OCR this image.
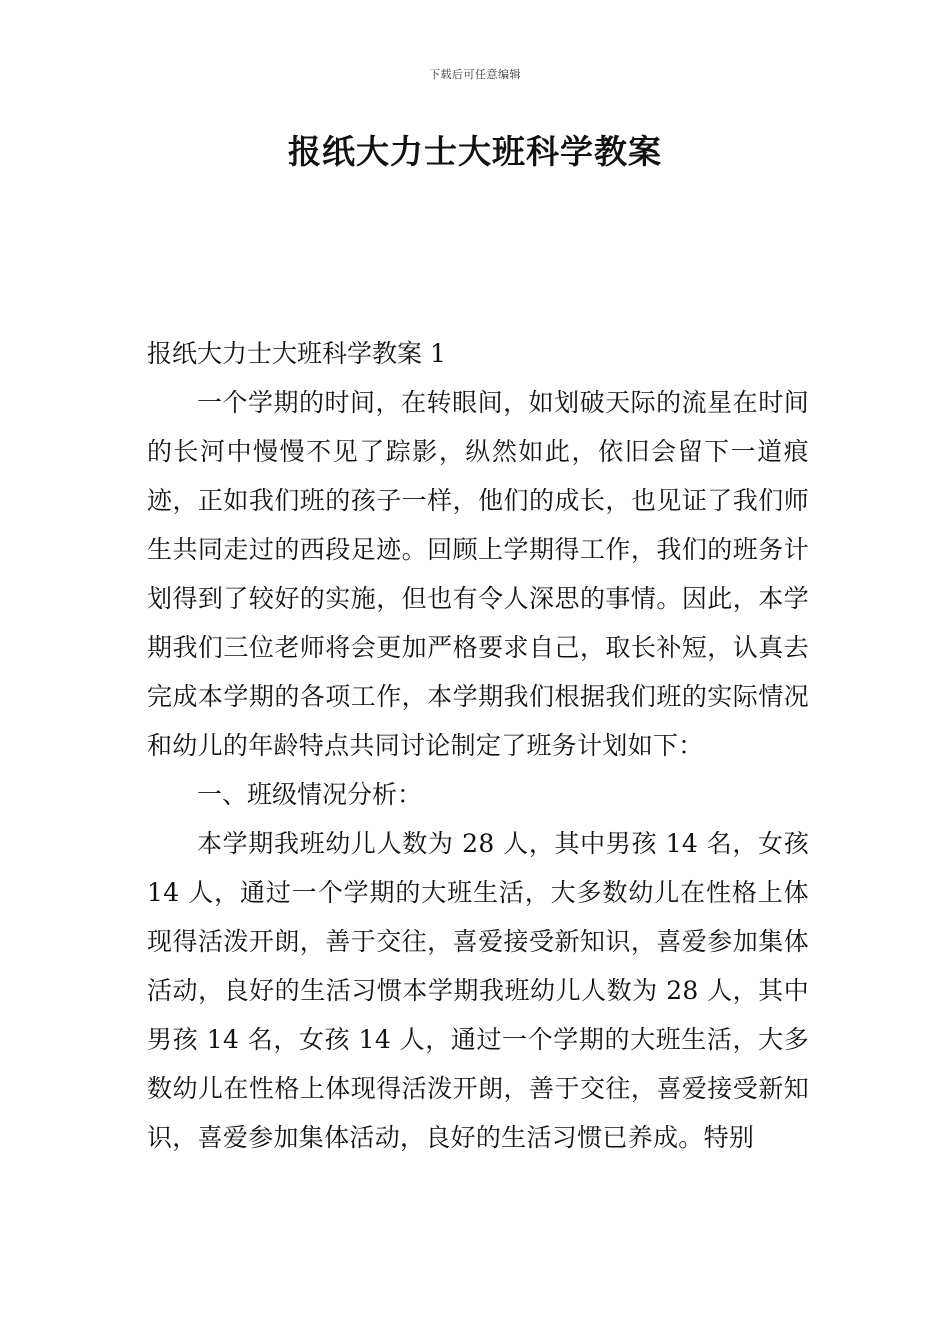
下载后可任意编辑
报纸大力士大班科学教案

报纸大力士大班科学教案 1

一个学期的时间，在转眼间，如划破天际的流星在时间的长河中慢慢不见了踪影，纵然如此，依旧会留下一道痕迹，正如我们班的孩子一样，他们的成长，也见证了我们师生共同走过的西段足迹。回顾上学期得工作，我们的班务计划得到了较好的实施，但也有令人深思的事情。因此，本学期我们三位老师将会更加严格要求自己，取长补短，认真去完成本学期的各项工作，本学期我们根据我们班的实际情况和幼儿的年龄特点共同讨论制定了班务计划如下：

一、班级情况分析：

本学期我班幼儿人数为 28 人，其中男孩 14 名，女孩 14 人，通过一个学期的大班生活，大多数幼儿在性格上体现得活泼开朗，善于交往，喜爱接受新知识，喜爱参加集体活动，良好的生活习惯本学期我班幼儿人数为 28 人，其中男孩 14 名，女孩 14 人，通过一个学期的大班生活，大多数幼儿在性格上体现得活泼开朗，善于交往，喜爱接受新知识，喜爱参加集体活动，良好的生活习惯已养成。特别
